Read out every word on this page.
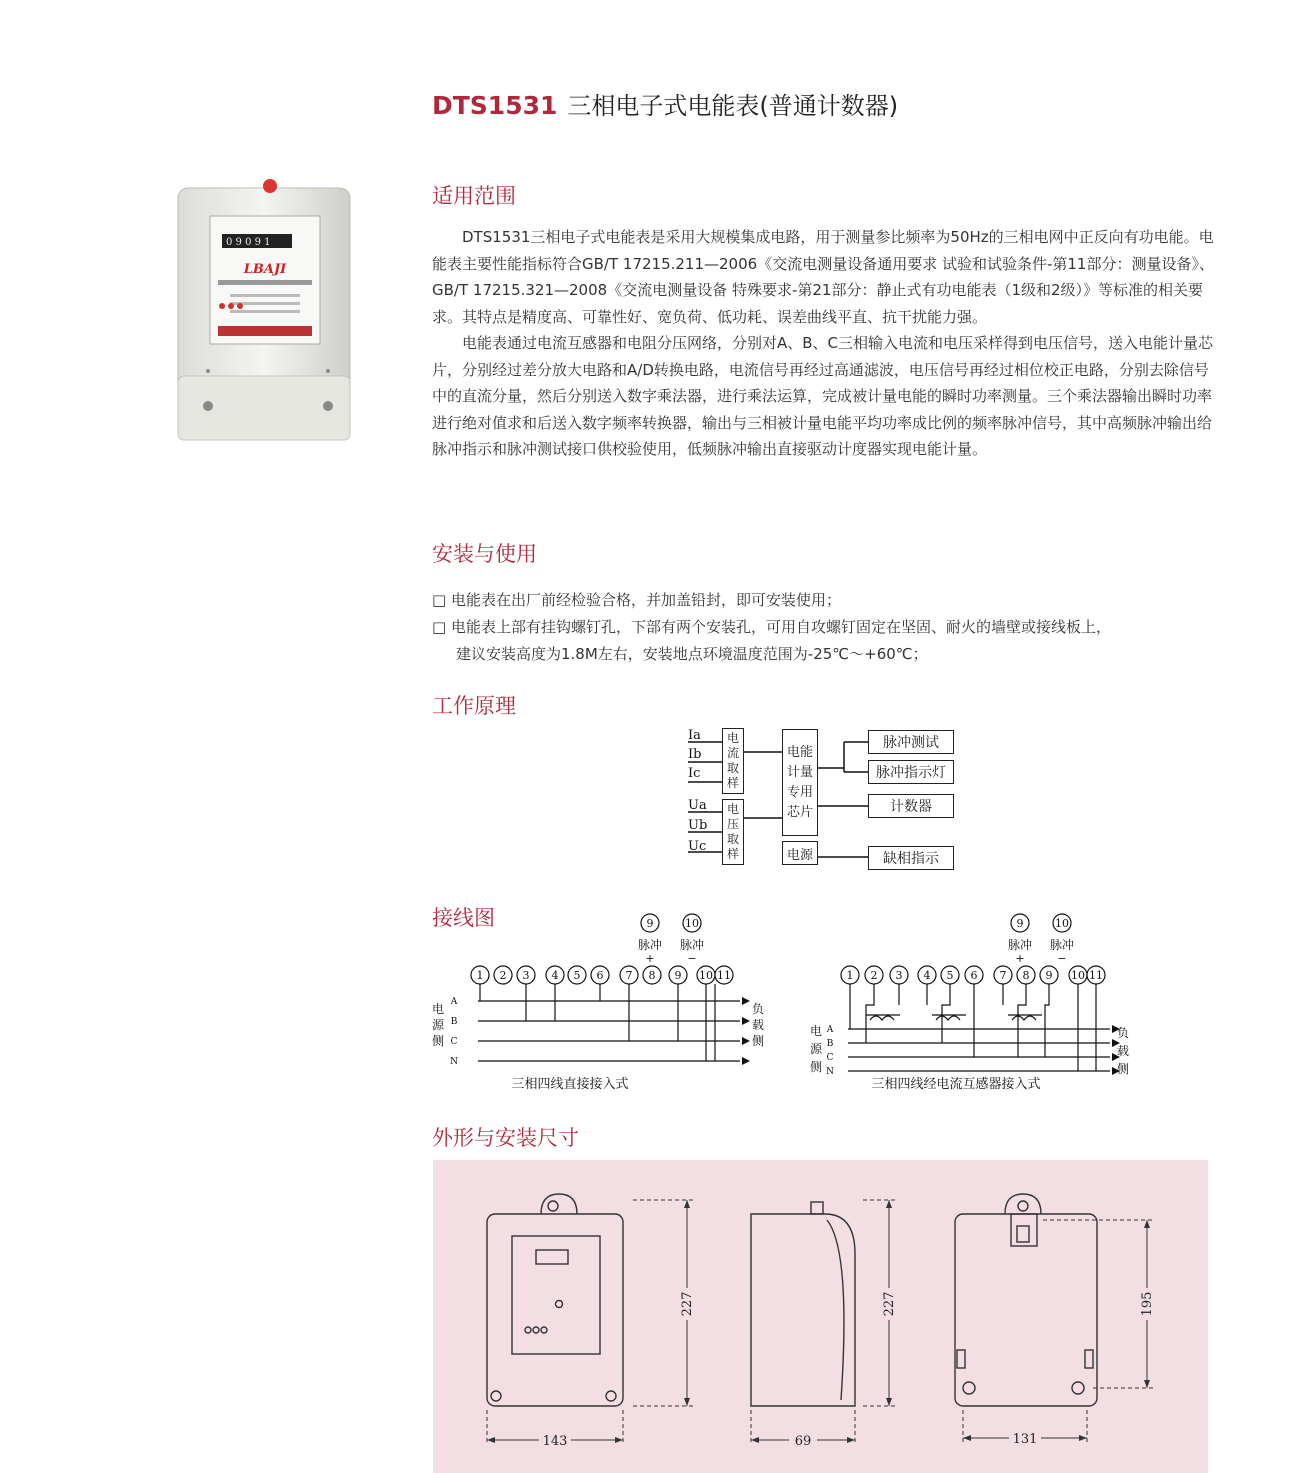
DTS1531 三相电子式电能表(普通计数器)
0 9 0 9 1
LBAJI
适用范围

DTS1531三相电子式电能表是采用大规模集成电路，用于测量参比频率为50Hz的三相电网中正反向有功电能。电能表主要性能指标符合GB/T 17215.211—2006《交流电测量设备通用要求 试验和试验条件-第11部分：测量设备》、GB/T 17215.321—2008《交流电测量设备 特殊要求-第21部分：静止式有功电能表（1级和2级）》等标准的相关要求。其特点是精度高、可靠性好、宽负荷、低功耗、误差曲线平直、抗干扰能力强。

电能表通过电流互感器和电阻分压网络，分别对A、B、C三相输入电流和电压采样得到电压信号，送入电能计量芯片，分别经过差分放大电路和A/D转换电路，电流信号再经过高通滤波，电压信号再经过相位校正电路，分别去除信号中的直流分量，然后分别送入数字乘法器，进行乘法运算，完成被计量电能的瞬时功率测量。三个乘法器输出瞬时功率进行绝对值求和后送入数字频率转换器，输出与三相被计量电能平均功率成比例的频率脉冲信号，其中高频脉冲输出给脉冲指示和脉冲测试接口供校验使用，低频脉冲输出直接驱动计度器实现电能计量。

安装与使用
□ 电能表在出厂前经检验合格，并加盖铅封，即可安装使用；
□ 电能表上部有挂钩螺钉孔，下部有两个安装孔，可用自攻螺钉固定在坚固、耐火的墙壁或接线板上，
建议安装高度为1.8M左右，安装地点环境温度范围为-25℃～+60℃；
工作原理
Ia
Ib
Ic
Ua
Ub
Uc
电
流
取
样
电
压
取
样
电能
计量
专用
芯片
电源
脉冲测试
脉冲指示灯
计数器
缺相指示
接线图	9	10
脉冲 脉冲
+	−
电
源
侧
负
载
侧
A
B
C
N
三相四线直接接入式
1 2 3 4 5 6 7 8 9 10 11
9	10
脉冲 脉冲
+	−
电
源
侧
负
载
侧
A
B
C
N
三相四线经电流互感器接入式
1 2 3 4 5 6 7 8 9 10 11
外形与安装尺寸
143
227
69
227
131
195
